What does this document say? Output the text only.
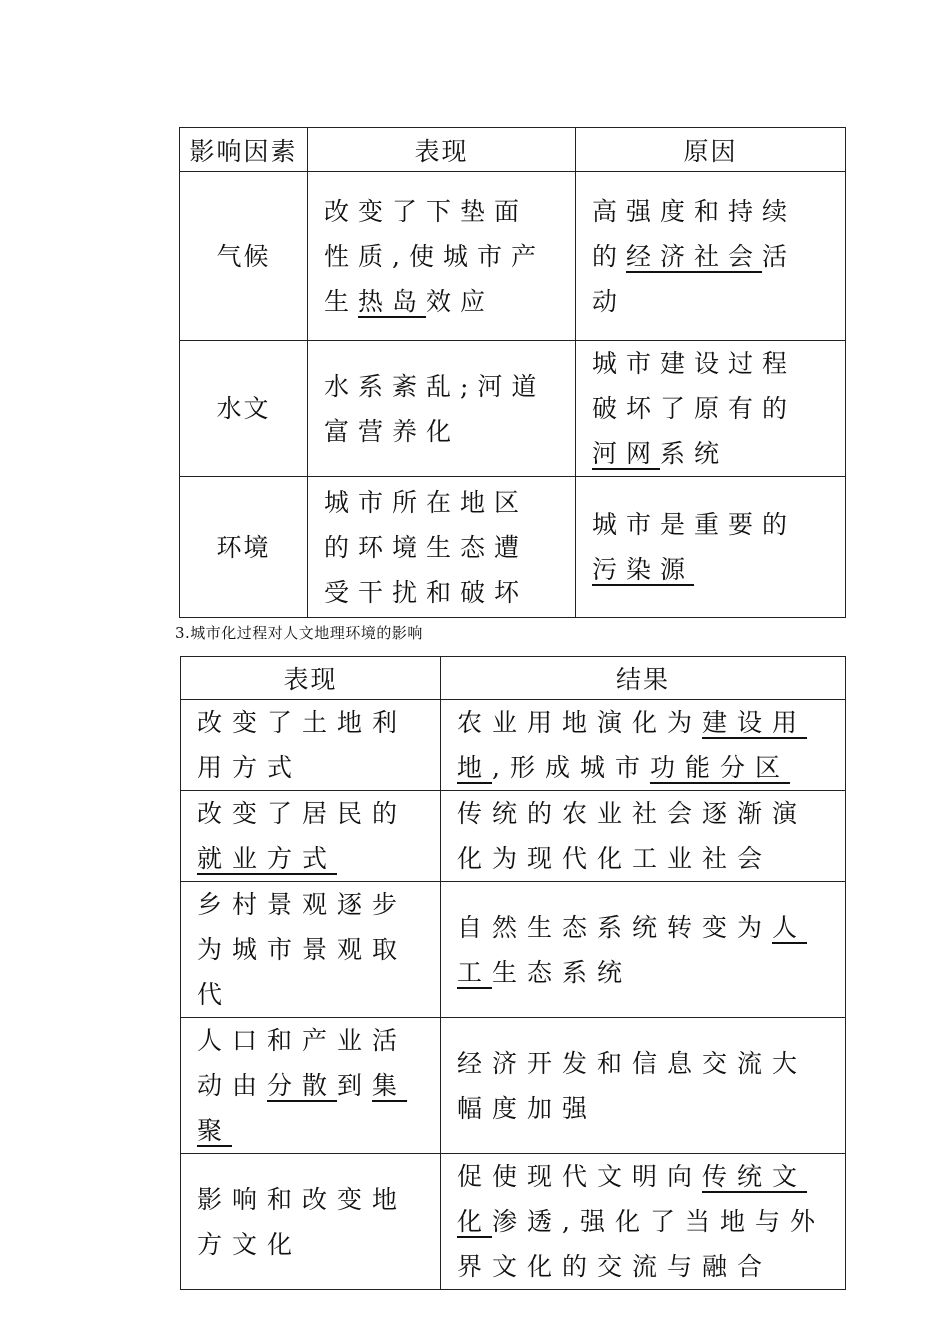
影响因素	表现	原因
气候	改变了下垫面性质,使城市产生热岛效应	高强度和持续的经济社会活动
水文	水系紊乱;河道富营养化	城市建设过程破坏了原有的河网系统
环境	城市所在地区的环境生态遭受干扰和破坏	城市是重要的污染源
3.城市化过程对人文地理环境的影响
表现	结果
改变了土地利用方式	农业用地演化为建设用地,形成城市功能分区
改变了居民的就业方式	传统的农业社会逐渐演化为现代化工业社会
乡村景观逐步为城市景观取代	自然生态系统转变为人工生态系统
人口和产业活动由分散到集聚	经济开发和信息交流大幅度加强
影响和改变地方文化	促使现代文明向传统文化渗透,强化了当地与外界文化的交流与融合
